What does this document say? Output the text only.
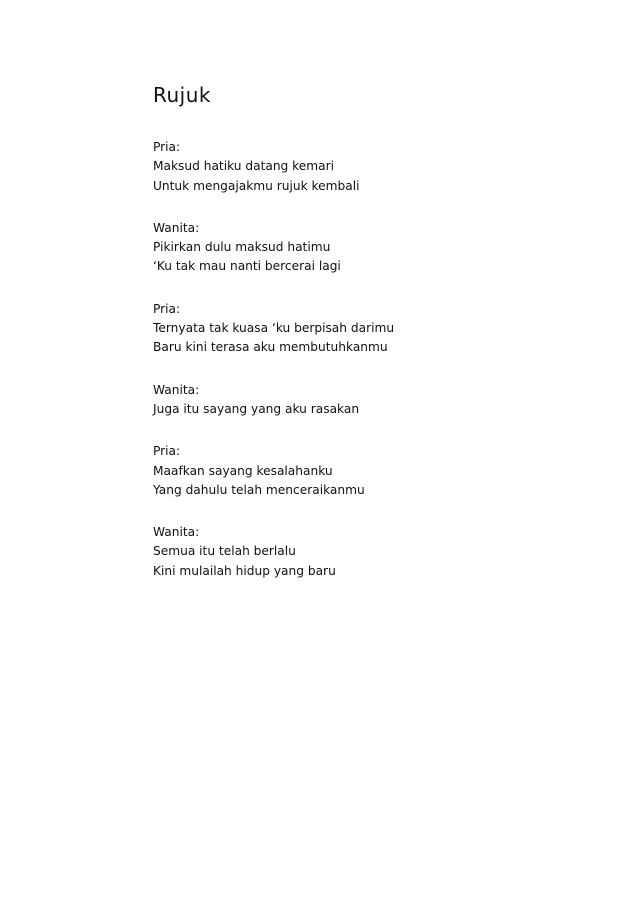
Rujuk
Pria:
Maksud hatiku datang kemari
Untuk mengajakmu rujuk kembali
Wanita:
Pikirkan dulu maksud hatimu
‘Ku tak mau nanti bercerai lagi
Pria:
Ternyata tak kuasa ‘ku berpisah darimu
Baru kini terasa aku membutuhkanmu
Wanita:
Juga itu sayang yang aku rasakan
Pria:
Maafkan sayang kesalahanku
Yang dahulu telah menceraikanmu
Wanita:
Semua itu telah berlalu
Kini mulailah hidup yang baru
